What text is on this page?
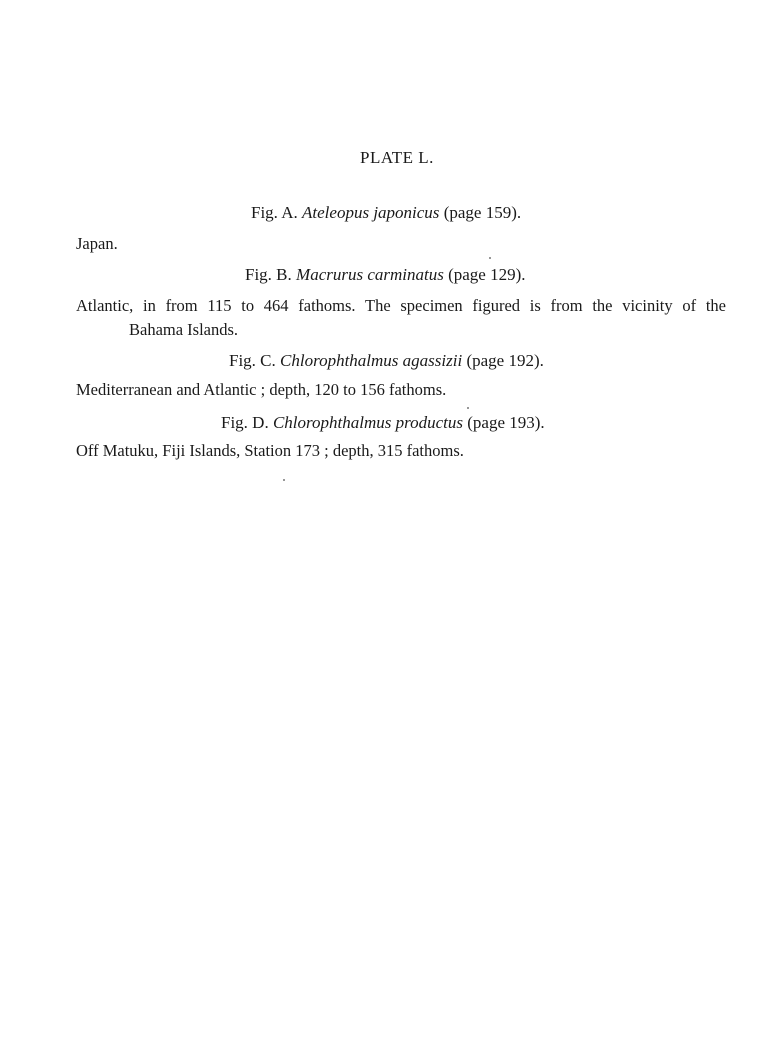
PLATE L.
Fig. A. Ateleopus japonicus (page 159).
Japan.
Fig. B. Macrurus carminatus (page 129).
Atlantic, in from 115 to 464 fathoms. The specimen figured is from the vicinity of the
Bahama Islands.
Fig. C. Chlorophthalmus agassizii (page 192).
Mediterranean and Atlantic ; depth, 120 to 156 fathoms.
Fig. D. Chlorophthalmus productus (page 193).
Off Matuku, Fiji Islands, Station 173 ; depth, 315 fathoms.
